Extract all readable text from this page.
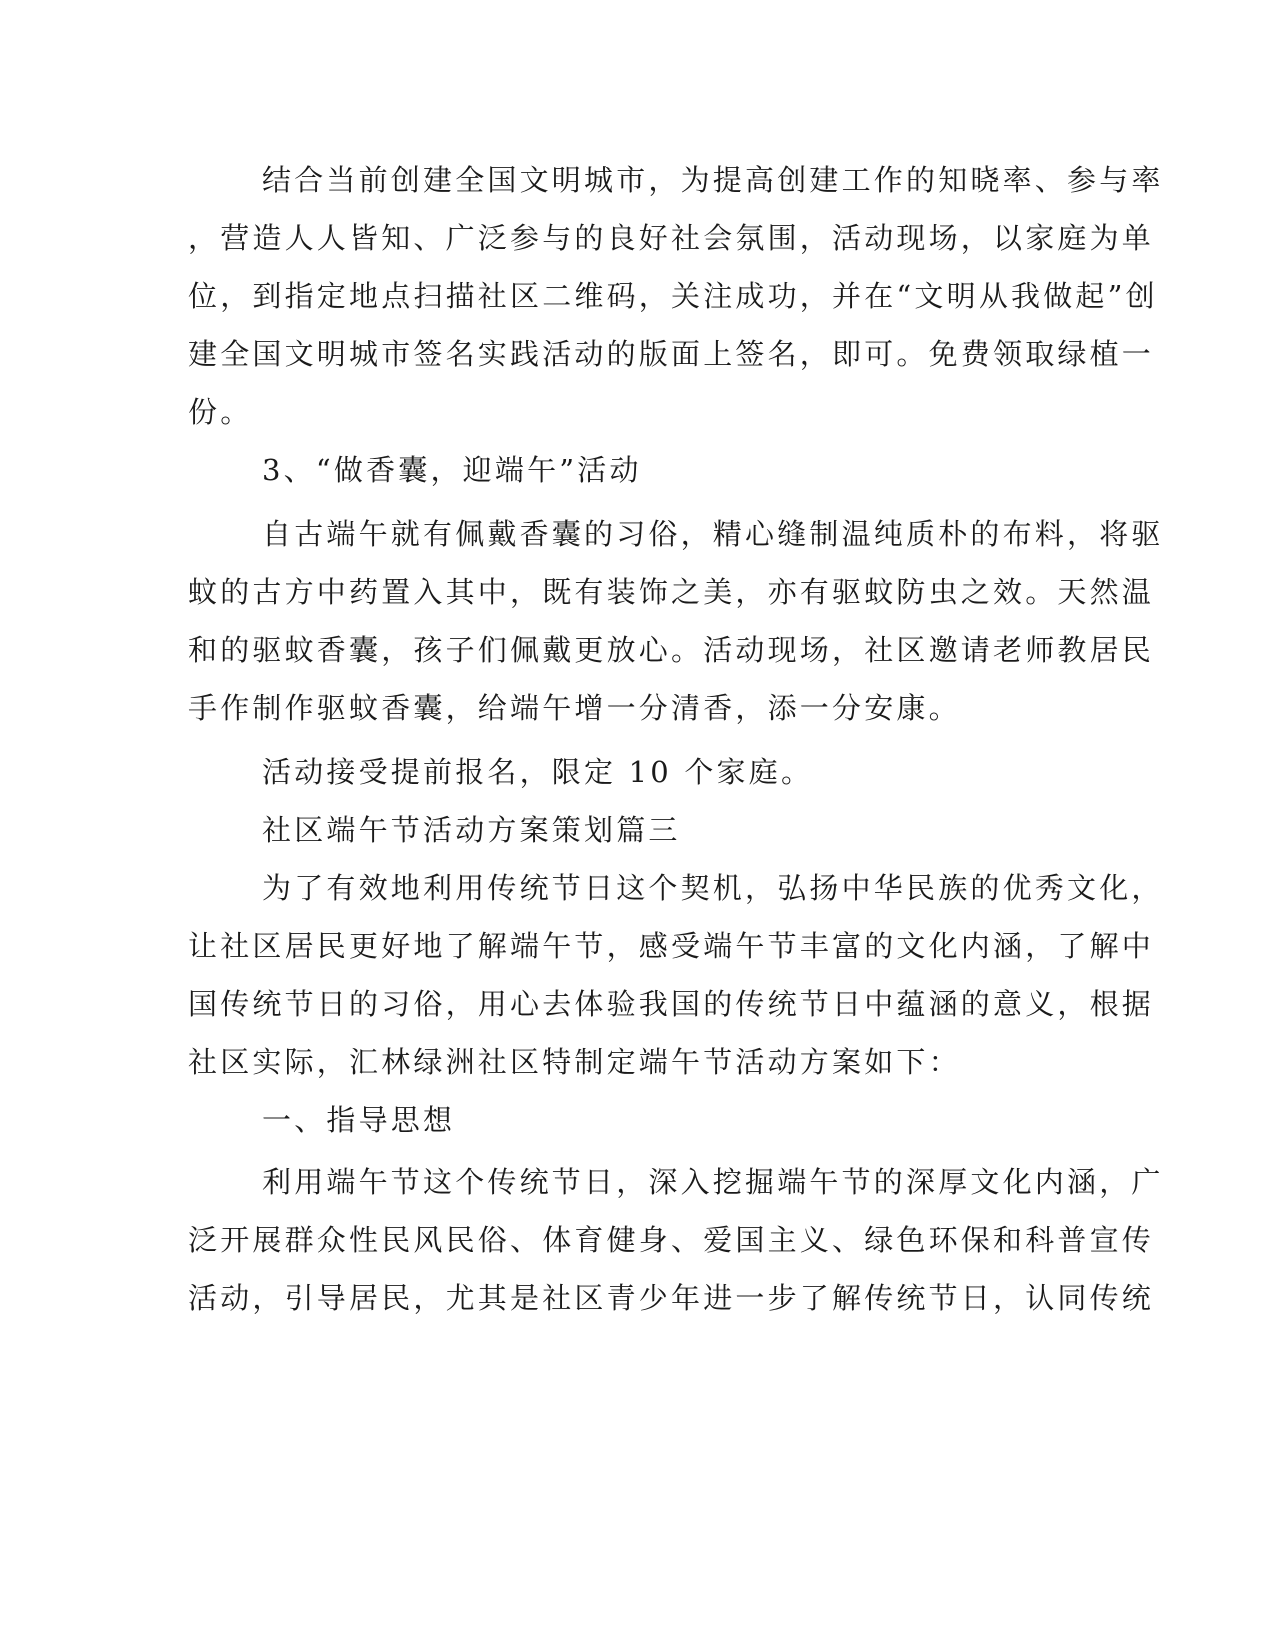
结合当前创建全国文明城市，为提高创建工作的知晓率、参与率
，营造人人皆知、广泛参与的良好社会氛围，活动现场，以家庭为单
位，到指定地点扫描社区二维码，关注成功，并在“文明从我做起”创
建全国文明城市签名实践活动的版面上签名，即可。免费领取绿植一
份。
3、“做香囊，迎端午”活动
自古端午就有佩戴香囊的习俗，精心缝制温纯质朴的布料，将驱
蚊的古方中药置入其中，既有装饰之美，亦有驱蚊防虫之效。天然温
和的驱蚊香囊，孩子们佩戴更放心。活动现场，社区邀请老师教居民
手作制作驱蚊香囊，给端午增一分清香，添一分安康。
活动接受提前报名，限定 10 个家庭。
社区端午节活动方案策划篇三
为了有效地利用传统节日这个契机，弘扬中华民族的优秀文化，
让社区居民更好地了解端午节，感受端午节丰富的文化内涵，了解中
国传统节日的习俗，用心去体验我国的传统节日中蕴涵的意义，根据
社区实际，汇林绿洲社区特制定端午节活动方案如下：
一、指导思想
利用端午节这个传统节日，深入挖掘端午节的深厚文化内涵，广
泛开展群众性民风民俗、体育健身、爱国主义、绿色环保和科普宣传
活动，引导居民，尤其是社区青少年进一步了解传统节日，认同传统
